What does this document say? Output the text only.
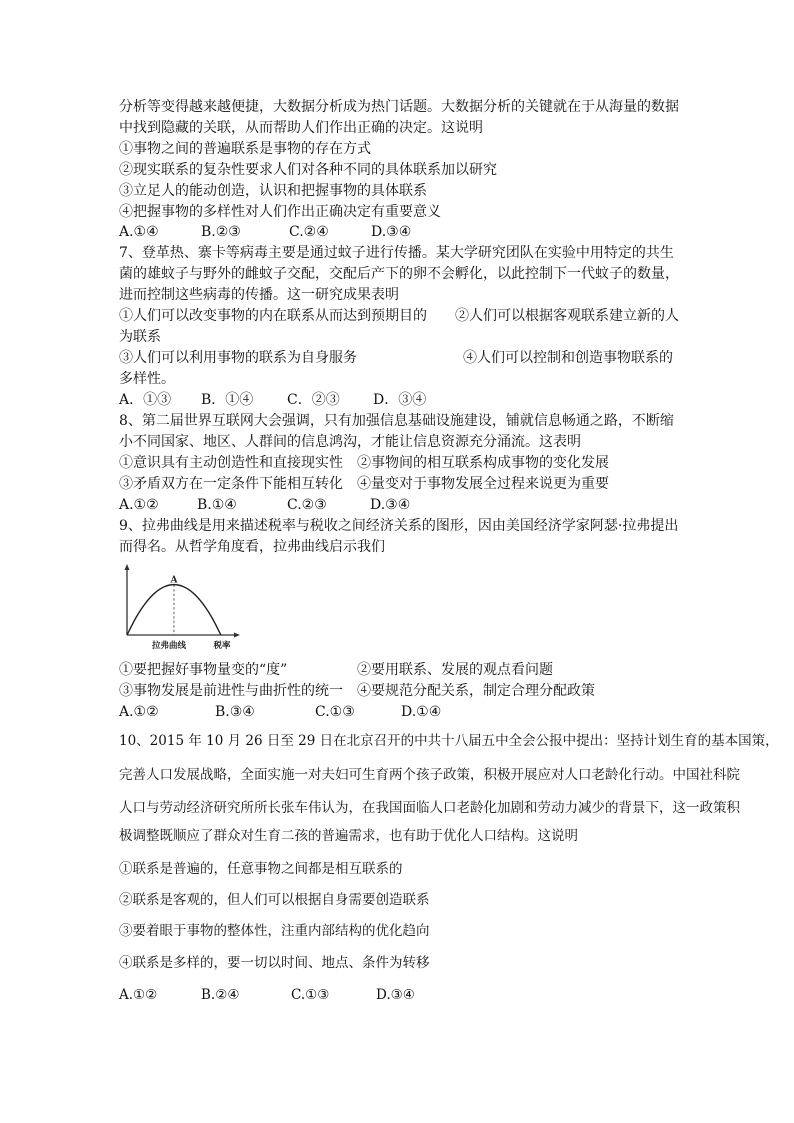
分析等变得越来越便捷，大数据分析成为热门话题。大数据分析的关键就在于从海量的数据
中找到隐藏的关联，从而帮助人们作出正确的决定。这说明
①事物之间的普遍联系是事物的存在方式
②现实联系的复杂性要求人们对各种不同的具体联系加以研究
③立足人的能动创造，认识和把握事物的具体联系
④把握事物的多样性对人们作出正确决定有重要意义
A.①④	B.②③	C.②④	D.③④
7、登革热、寨卡等病毒主要是通过蚊子进行传播。某大学研究团队在实验中用特定的共生
菌的雄蚊子与野外的雌蚊子交配，交配后产下的卵不会孵化，以此控制下一代蚊子的数量，
进而控制这些病毒的传播。这一研究成果表明
①人们可以改变事物的内在联系从而达到预期目的 ②人们可以根据客观联系建立新的人
为联系
③人们可以利用事物的联系为自身服务	④人们可以控制和创造事物联系的
多样性。
A．①③ B．①④ C．②③ D．③④
8、第二届世界互联网大会强调，只有加强信息基础设施建设，铺就信息畅通之路，不断缩
小不同国家、地区、人群间的信息鸿沟，才能让信息资源充分涌流。这表明
①意识具有主动创造性和直接现实性 ②事物间的相互联系构成事物的变化发展
③矛盾双方在一定条件下能相互转化 ④量变对于事物发展全过程来说更为重要
A.①②	B.①④	C.②③	D.③④
9、拉弗曲线是用来描述税率与税收之间经济关系的图形，因由美国经济学家阿瑟·拉弗提出
而得名。从哲学角度看，拉弗曲线启示我们
A
拉弗曲线	税率
①要把握好事物量变的“度”	②要用联系、发展的观点看问题
③事物发展是前进性与曲折性的统一 ④要规范分配关系，制定合理分配政策
A.①②	B.③④	C.①③	D.①④
10、2015 年 10 月 26 日至 29 日在北京召开的中共十八届五中全会公报中提出：坚持计划生育的基本国策，
完善人口发展战略，全面实施一对夫妇可生育两个孩子政策，积极开展应对人口老龄化行动。中国社科院
人口与劳动经济研究所所长张车伟认为，在我国面临人口老龄化加剧和劳动力减少的背景下，这一政策积
极调整既顺应了群众对生育二孩的普遍需求，也有助于优化人口结构。这说明
①联系是普遍的，任意事物之间都是相互联系的
②联系是客观的，但人们可以根据自身需要创造联系
③要着眼于事物的整体性，注重内部结构的优化趋向
④联系是多样的，要一切以时间、地点、条件为转移
A.①②	B.②④	C.①③	D.③④
